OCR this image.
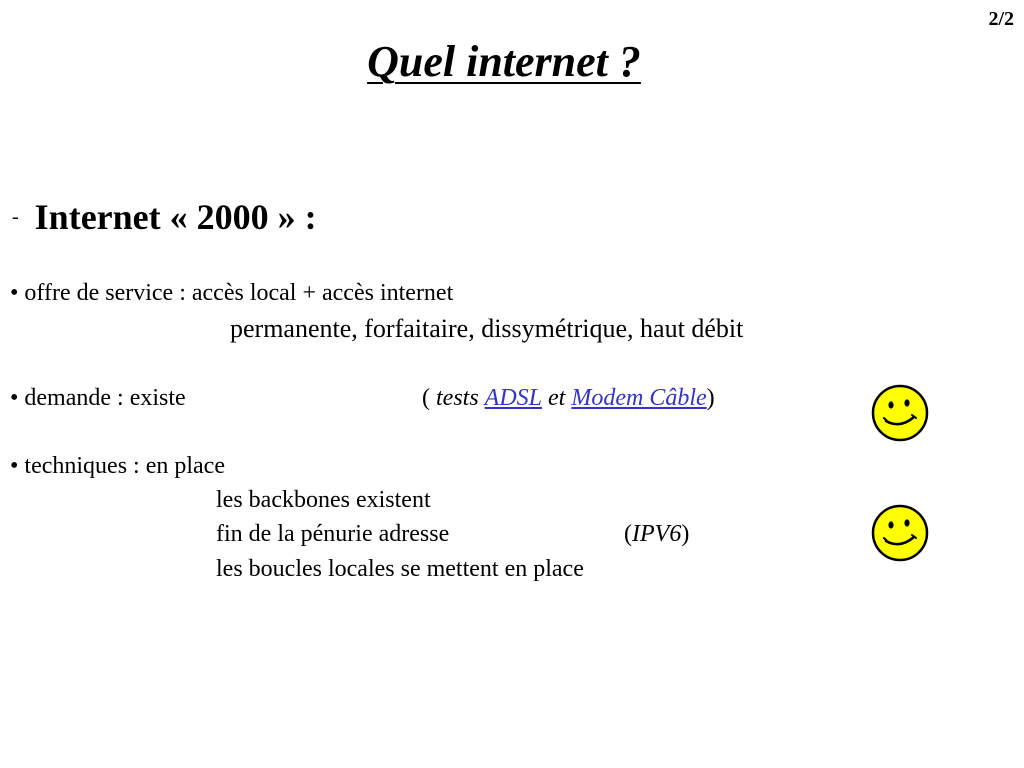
2/2
Quel internet ?
- Internet « 2000 » :
• offre de service : accès local + accès internet
permanente, forfaitaire, dissymétrique, haut débit
• demande : existe	( tests ADSL et Modem Câble)
• techniques : en place
les backbones existent
fin de la pénurie adresse	(IPV6)
les boucles locales se mettent en place
